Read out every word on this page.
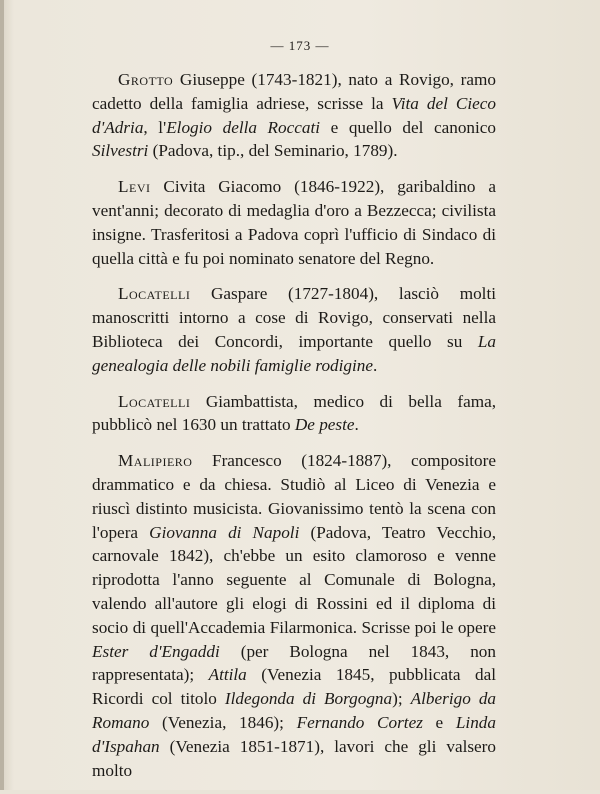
— 173 —

Grotto Giuseppe (1743-1821), nato a Rovigo, ramo cadetto della famiglia adriese, scrisse la Vita del Cieco d'Adria, l'Elogio della Roccati e quello del canonico Silvestri (Padova, tip., del Seminario, 1789).

Levi Civita Giacomo (1846-1922), garibaldino a vent'anni; decorato di medaglia d'oro a Bezzecca; civilista insigne. Trasferitosi a Padova coprì l'ufficio di Sindaco di quella città e fu poi nominato senatore del Regno.

Locatelli Gaspare (1727-1804), lasciò molti manoscritti intorno a cose di Rovigo, conservati nella Biblioteca dei Concordi, importante quello su La genealogia delle nobili famiglie rodigine.

Locatelli Giambattista, medico di bella fama, pubblicò nel 1630 un trattato De peste.

Malipiero Francesco (1824-1887), compositore drammatico e da chiesa. Studiò al Liceo di Venezia e riuscì distinto musicista. Giovanissimo tentò la scena con l'opera Giovanna di Napoli (Padova, Teatro Vecchio, carnovale 1842), ch'ebbe un esito clamoroso e venne riprodotta l'anno seguente al Comunale di Bologna, valendo all'autore gli elogi di Rossini ed il diploma di socio di quell'Accademia Filarmonica. Scrisse poi le opere Ester d'Engaddi (per Bologna nel 1843, non rappresentata); Attila (Venezia 1845, pubblicata dal Ricordi col titolo Ildegonda di Borgogna); Alberigo da Romano (Venezia, 1846); Fernando Cortez e Linda d'Ispahan (Venezia 1851-1871), lavori che gli valsero molto
